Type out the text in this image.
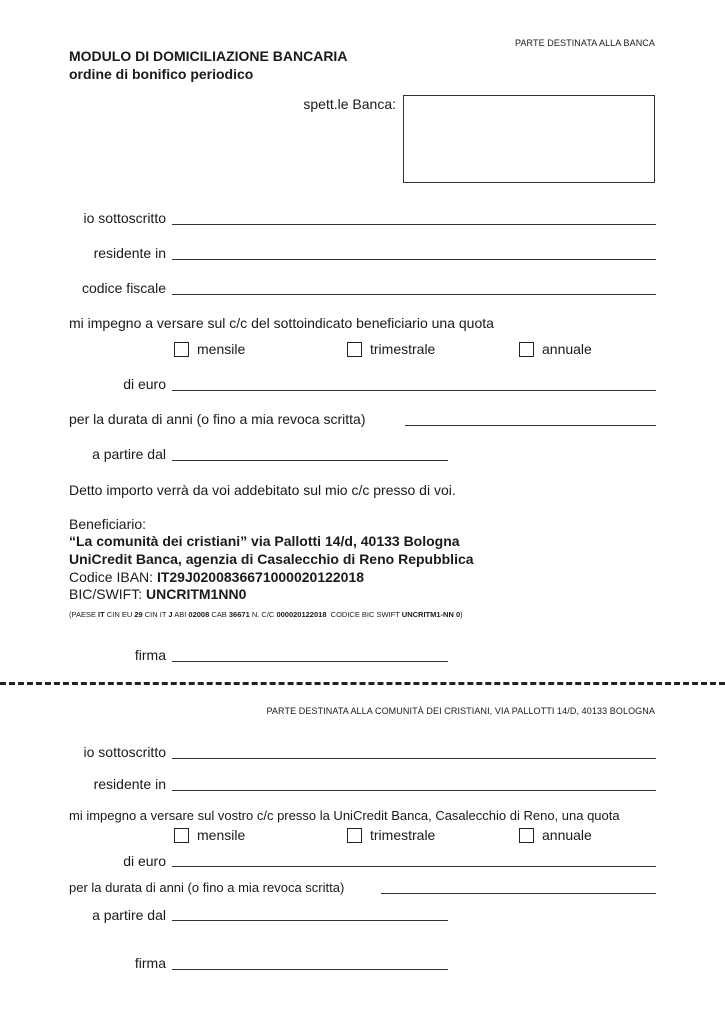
PARTE DESTINATA ALLA BANCA
MODULO DI DOMICILIAZIONE BANCARIA
ordine di bonifico periodico
spett.le Banca:
io sottoscritto
residente in
codice fiscale
mi impegno a versare sul c/c del sottoindicato beneficiario una quota
mensile	trimestrale	annuale
di euro
per la durata di anni (o fino a mia revoca scritta)
a partire dal
Detto importo verrà da voi addebitato sul mio c/c presso di voi.
Beneficiario:
“La comunità dei cristiani” via Pallotti 14/d, 40133 Bologna
UniCredit Banca, agenzia di Casalecchio di Reno Repubblica
Codice IBAN: IT29J0200836671000020122018
BIC/SWIFT: UNCRITM1NN0
(PAESE IT CIN EU 29 CIN IT J ABI 02008 CAB 36671 N. C/C 000020122018 CODICE BIC SWIFT UNCRITM1-NN 0)
firma
PARTE DESTINATA ALLA COMUNITÀ DEI CRISTIANI, VIA PALLOTTI 14/D, 40133 BOLOGNA
io sottoscritto
residente in
mi impegno a versare sul vostro c/c presso la UniCredit Banca, Casalecchio di Reno, una quota
mensile	trimestrale	annuale
di euro
per la durata di anni (o fino a mia revoca scritta)
a partire dal
firma
